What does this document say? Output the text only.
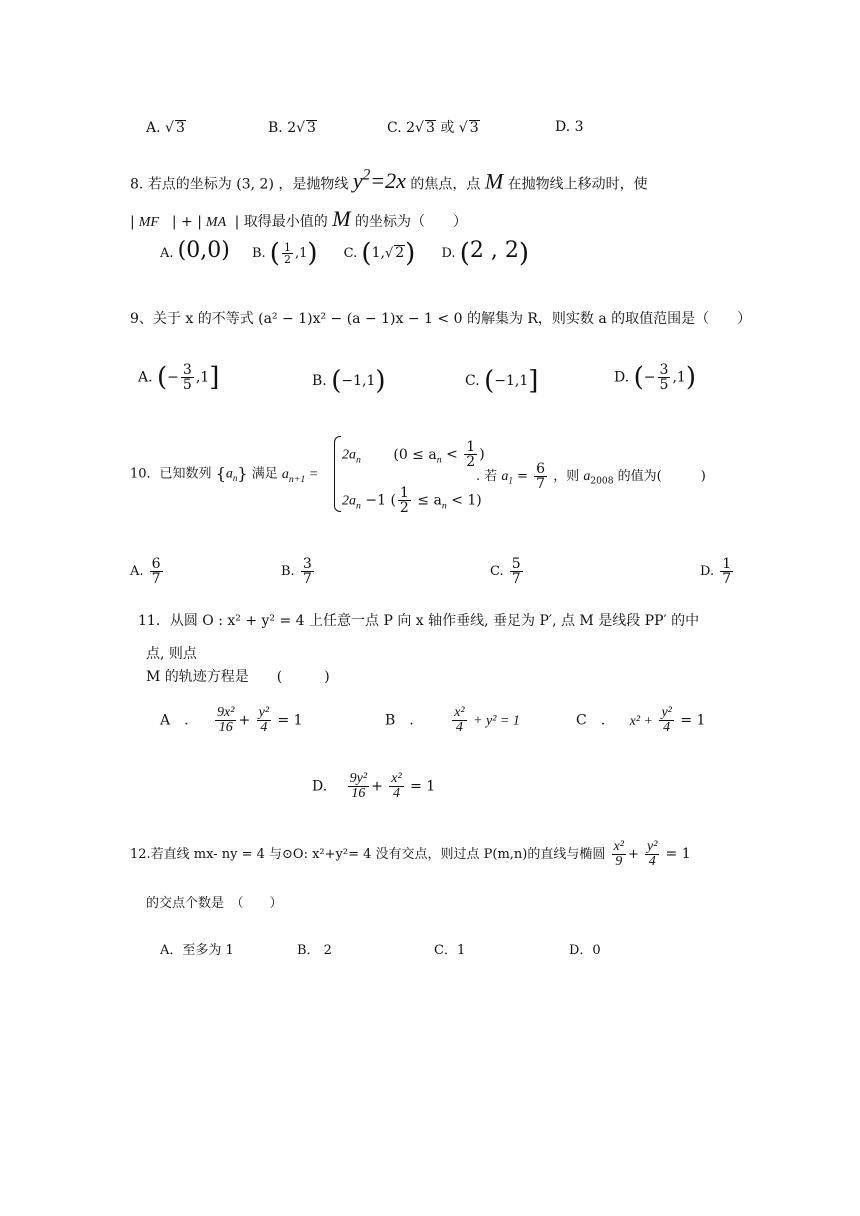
A. √ 3	B. 2√ 3	C. 2√ 3 或 √ 3	D. 3
8. 若点的坐标为 (3, 2) ，是抛物线 $y^2=2x$ 的焦点，点 M 在抛物线上移动时，使
| MF  | + | MA | 取得最小值的 M 的坐标为（　　）
A. (0,0) B. ( $\frac{1}{2} ,1$) C. (1,√ 2) D. (2 , 2)
9、关于 x 的不等式 (a² − 1)x² − (a − 1)x − 1 < 0 的解集为 R，则实数 a 的取值范围是（　　）
A. (− $\frac{3}{5} ,1$]	B. (−1,1)	C. (−1,1]	D. (− $\frac{3}{5} ,1$)
10．已知数列 $\{a_n\}$ 满足 $a_{n+1}$ =
$2a_n$ ($0 \le a_n < \frac{1}{2}$ )
$2a_n -1$ ( $\frac{1}{2} \le a_n < 1$)
. 若 $a_1 = \frac{6}{7}$ ，则 $a_{2008}$ 的值为(　　　)
A. $\frac{6}{7}$	B. $\frac{3}{7}$	C. $\frac{5}{7}$	D. $\frac{1}{7}$
11．从圆 O : x² + y² = 4 上任意一点 P 向 x 轴作垂线, 垂足为 P′, 点 M 是线段 PP′ 的中
点, 则点
M 的轨迹方程是　　(　　　)
A　. $\frac{\text{9x²}}{16} + \frac{\text{y²}}{4} = 1$	B　.	$\frac{\text{x²}}{4} + y^2 = 1$	C　. $x^2 + \frac{\text{y²}}{4} = 1$
D. $\frac{\text{9y²}}{16} + \frac{\text{x²}}{4} = 1$
12.若直线 mx- ny = 4 与⊙O: x²+y²= 4 没有交点，则过点 P(m,n)的直线与椭圆 $\frac{\text{x²}}{9} + \frac{\text{y²}}{4} = 1$
的交点个数是　（　　）
A．至多为 1	B． 2	C．1	D．0
